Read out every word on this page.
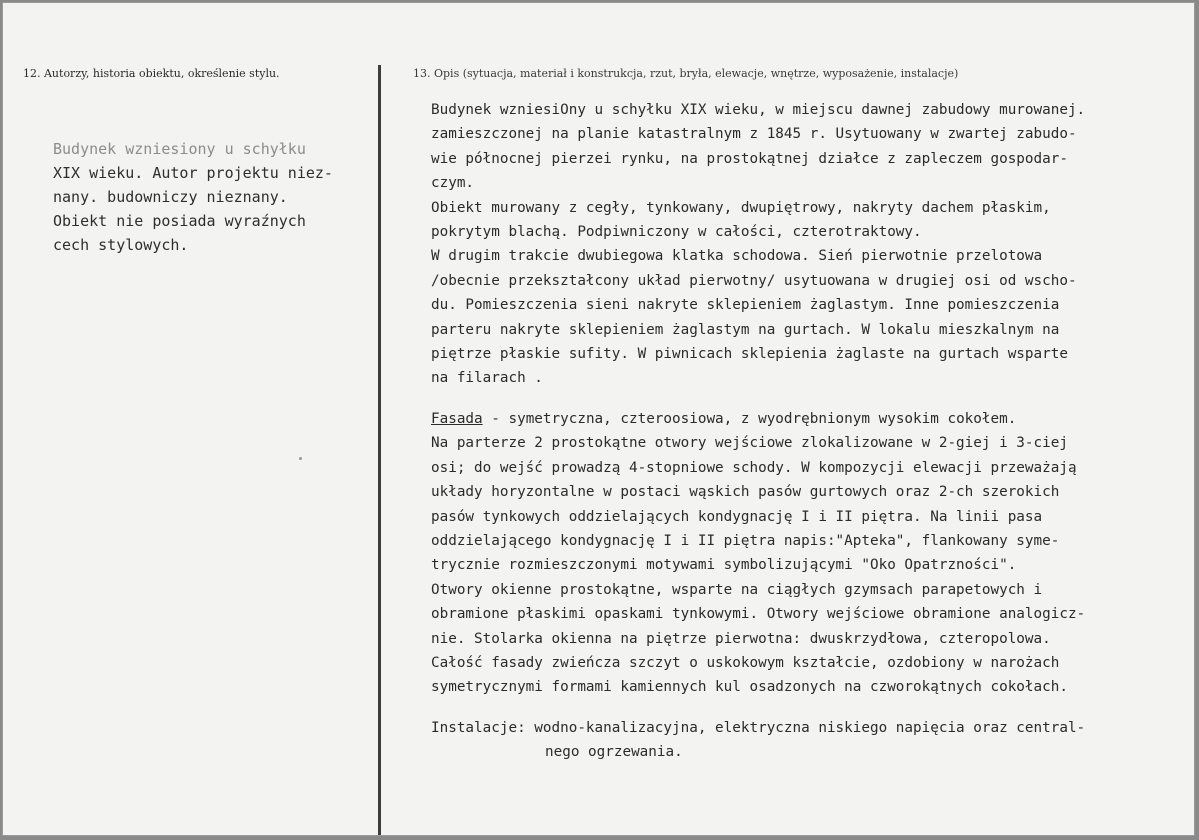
12. Autorzy, historia obiektu, określenie stylu.	13. Opis (sytuacja, materiał i konstrukcja, rzut, bryła, elewacje, wnętrze, wyposażenie, instalacje)
Budynek wzniesiony u schyłku
XIX wieku. Autor projektu niez-
nany. budowniczy nieznany.
Obiekt nie posiada wyraźnych
cech stylowych.
Budynek wzniesiOny u schyłku XIX wieku, w miejscu dawnej zabudowy murowanej.
zamieszczonej na planie katastralnym z 1845 r. Usytuowany w zwartej zabudo-
wie północnej pierzei rynku, na prostokątnej działce z zapleczem gospodar-
czym.
Obiekt murowany z cegły, tynkowany, dwupiętrowy, nakryty dachem płaskim,
pokrytym blachą. Podpiwniczony w całości, czterotraktowy.
W drugim trakcie dwubiegowa klatka schodowa. Sień pierwotnie przelotowa
/obecnie przekształcony układ pierwotny/ usytuowana w drugiej osi od wscho-
du. Pomieszczenia sieni nakryte sklepieniem żaglastym. Inne pomieszczenia
parteru nakryte sklepieniem żaglastym na gurtach. W lokalu mieszkalnym na
piętrze płaskie sufity. W piwnicach sklepienia żaglaste na gurtach wsparte
na filarach .
Fasada - symetryczna, czteroosiowa, z wyodrębnionym wysokim cokołem.
Na parterze 2 prostokątne otwory wejściowe zlokalizowane w 2-giej i 3-ciej
osi; do wejść prowadzą 4-stopniowe schody. W kompozycji elewacji przeważają
układy horyzontalne w postaci wąskich pasów gurtowych oraz 2-ch szerokich
pasów tynkowych oddzielających kondygnację I i II piętra. Na linii pasa
oddzielającego kondygnację I i II piętra napis:"Apteka", flankowany syme-
trycznie rozmieszczonymi motywami symbolizującymi "Oko Opatrzności".
Otwory okienne prostokątne, wsparte na ciągłych gzymsach parapetowych i
obramione płaskimi opaskami tynkowymi. Otwory wejściowe obramione analogicz-
nie. Stolarka okienna na piętrze pierwotna: dwuskrzydłowa, czteropolowa.
Całość fasady zwieńcza szczyt o uskokowym kształcie, ozdobiony w narożach
symetrycznymi formami kamiennych kul osadzonych na czworokątnych cokołach.
Instalacje: wodno-kanalizacyjna, elektryczna niskiego napięcia oraz central-
nego ogrzewania.
